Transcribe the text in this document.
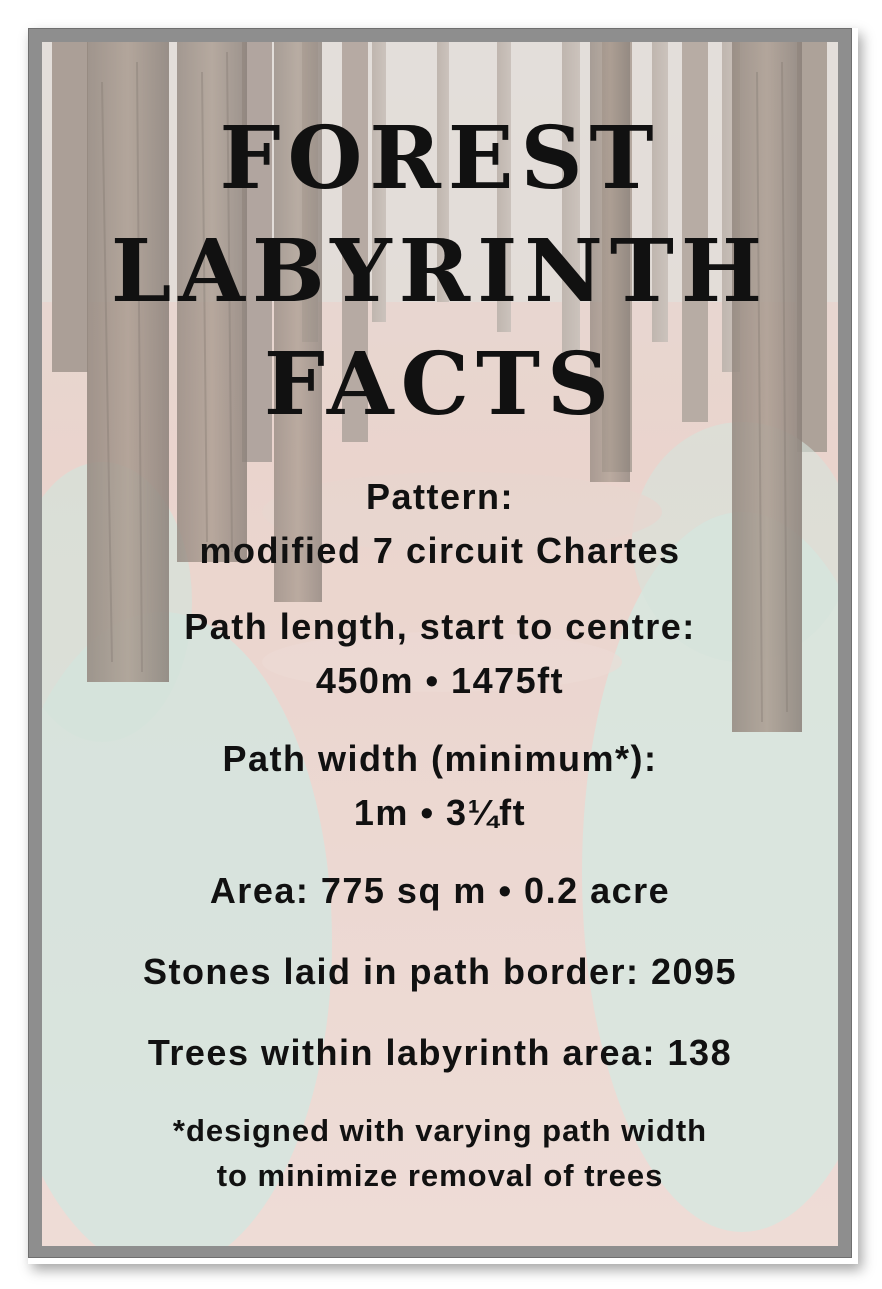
FOREST
LABYRINTH
FACTS
Pattern:
modified 7 circuit Chartes
Path length, start to centre:
450m • 1475ft
Path width (minimum*):
1m • 3¼ft
Area: 775 sq m • 0.2 acre
Stones laid in path border: 2095
Trees within labyrinth area: 138
*designed with varying path width
to minimize removal of trees
